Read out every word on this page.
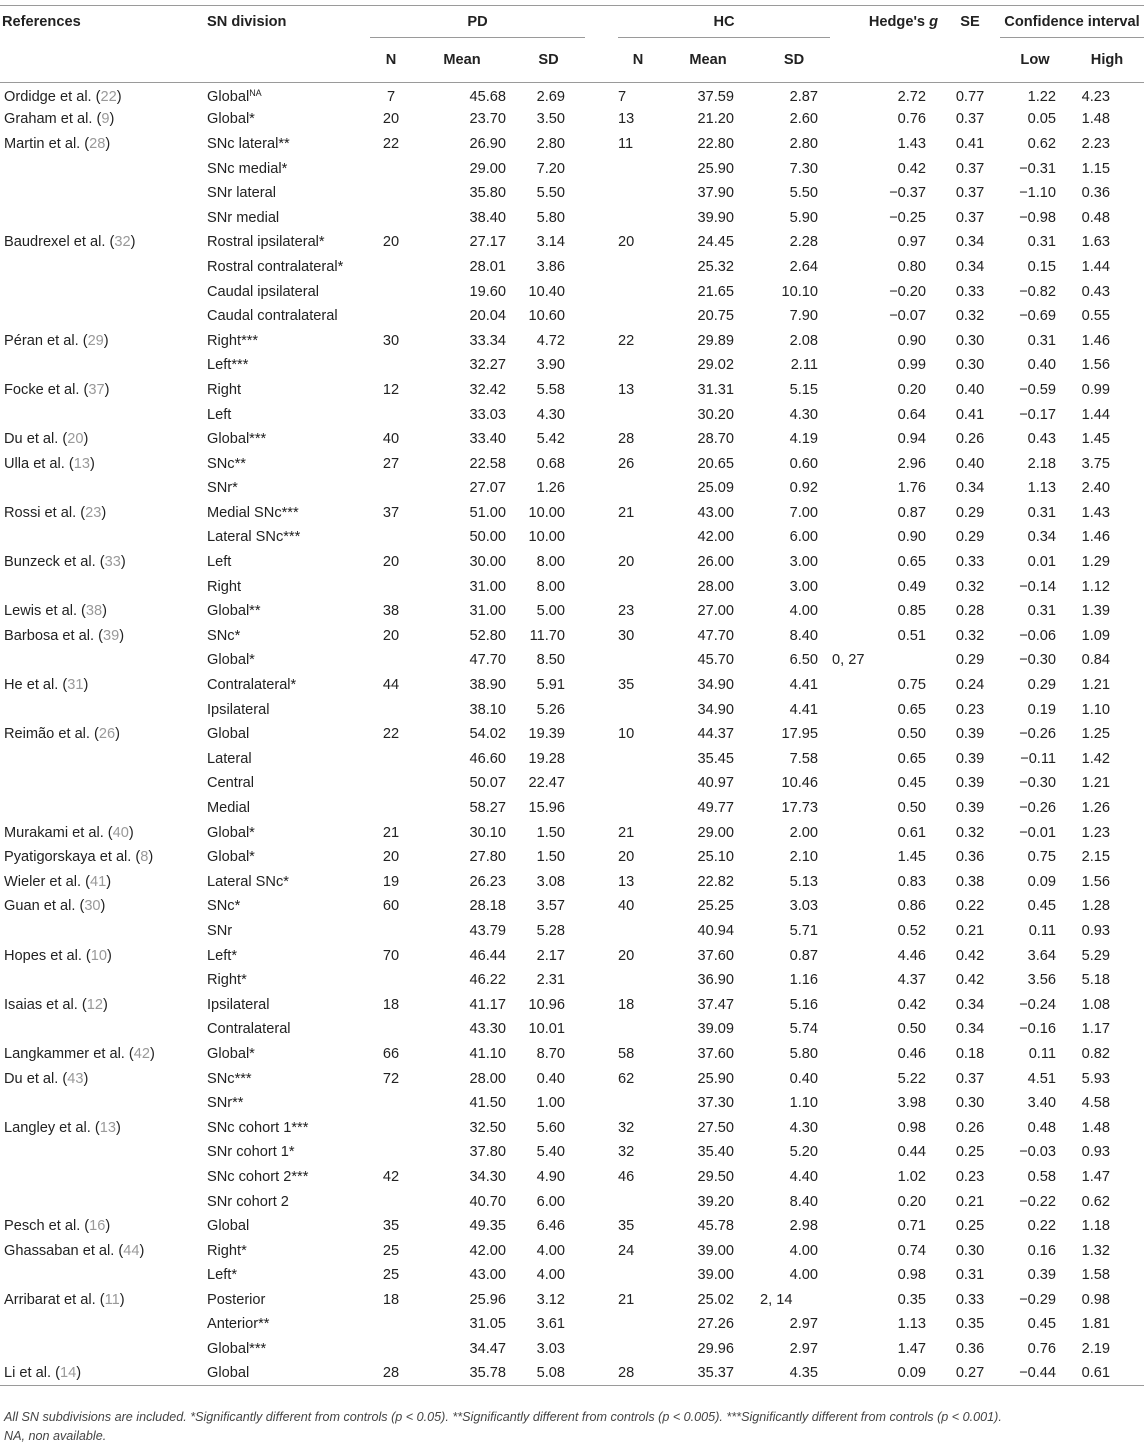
References	SN division	PD				HC			Hedge's g	SE	Confidence interval	
		N	Mean	SD		N	Mean	SD			Low	High
Ordidge et al. (22)	Global$^{NA}$	7	45.68	2.69		7	37.59	2.87	2.72	0.77	1.22	4.23
Graham et al. (9)	Global*	20	23.70	3.50		13	21.20	2.60	0.76	0.37	0.05	1.48
Martin et al. (28)	SNc lateral**	22	26.90	2.80		11	22.80	2.80	1.43	0.41	0.62	2.23
	SNc medial*		29.00	7.20			25.90	7.30	0.42	0.37	−0.31	1.15
	SNr lateral		35.80	5.50			37.90	5.50	−0.37	0.37	−1.10	0.36
	SNr medial		38.40	5.80			39.90	5.90	−0.25	0.37	−0.98	0.48
Baudrexel et al. (32)	Rostral ipsilateral*	20	27.17	3.14		20	24.45	2.28	0.97	0.34	0.31	1.63
	Rostral contralateral*		28.01	3.86			25.32	2.64	0.80	0.34	0.15	1.44
	Caudal ipsilateral		19.60	10.40			21.65	10.10	−0.20	0.33	−0.82	0.43
	Caudal contralateral		20.04	10.60			20.75	7.90	−0.07	0.32	−0.69	0.55
Péran et al. (29)	Right***	30	33.34	4.72		22	29.89	2.08	0.90	0.30	0.31	1.46
	Left***		32.27	3.90			29.02	2.11	0.99	0.30	0.40	1.56
Focke et al. (37)	Right	12	32.42	5.58		13	31.31	5.15	0.20	0.40	−0.59	0.99
	Left		33.03	4.30			30.20	4.30	0.64	0.41	−0.17	1.44
Du et al. (20)	Global***	40	33.40	5.42		28	28.70	4.19	0.94	0.26	0.43	1.45
Ulla et al. (13)	SNc**	27	22.58	0.68		26	20.65	0.60	2.96	0.40	2.18	3.75
	SNr*		27.07	1.26			25.09	0.92	1.76	0.34	1.13	2.40
Rossi et al. (23)	Medial SNc***	37	51.00	10.00		21	43.00	7.00	0.87	0.29	0.31	1.43
	Lateral SNc***		50.00	10.00			42.00	6.00	0.90	0.29	0.34	1.46
Bunzeck et al. (33)	Left	20	30.00	8.00		20	26.00	3.00	0.65	0.33	0.01	1.29
	Right		31.00	8.00			28.00	3.00	0.49	0.32	−0.14	1.12
Lewis et al. (38)	Global**	38	31.00	5.00		23	27.00	4.00	0.85	0.28	0.31	1.39
Barbosa et al. (39)	SNc*	20	52.80	11.70		30	47.70	8.40	0.51	0.32	−0.06	1.09
	Global*		47.70	8.50			45.70	6.50	0, 27	0.29	−0.30	0.84
He et al. (31)	Contralateral*	44	38.90	5.91		35	34.90	4.41	0.75	0.24	0.29	1.21
	Ipsilateral		38.10	5.26			34.90	4.41	0.65	0.23	0.19	1.10
Reimão et al. (26)	Global	22	54.02	19.39		10	44.37	17.95	0.50	0.39	−0.26	1.25
	Lateral		46.60	19.28			35.45	7.58	0.65	0.39	−0.11	1.42
	Central		50.07	22.47			40.97	10.46	0.45	0.39	−0.30	1.21
	Medial		58.27	15.96			49.77	17.73	0.50	0.39	−0.26	1.26
Murakami et al. (40)	Global*	21	30.10	1.50		21	29.00	2.00	0.61	0.32	−0.01	1.23
Pyatigorskaya et al. (8)	Global*	20	27.80	1.50		20	25.10	2.10	1.45	0.36	0.75	2.15
Wieler et al. (41)	Lateral SNc*	19	26.23	3.08		13	22.82	5.13	0.83	0.38	0.09	1.56
Guan et al. (30)	SNc*	60	28.18	3.57		40	25.25	3.03	0.86	0.22	0.45	1.28
	SNr		43.79	5.28			40.94	5.71	0.52	0.21	0.11	0.93
Hopes et al. (10)	Left*	70	46.44	2.17		20	37.60	0.87	4.46	0.42	3.64	5.29
	Right*		46.22	2.31			36.90	1.16	4.37	0.42	3.56	5.18
Isaias et al. (12)	Ipsilateral	18	41.17	10.96		18	37.47	5.16	0.42	0.34	−0.24	1.08
	Contralateral		43.30	10.01			39.09	5.74	0.50	0.34	−0.16	1.17
Langkammer et al. (42)	Global*	66	41.10	8.70		58	37.60	5.80	0.46	0.18	0.11	0.82
Du et al. (43)	SNc***	72	28.00	0.40		62	25.90	0.40	5.22	0.37	4.51	5.93
	SNr**		41.50	1.00			37.30	1.10	3.98	0.30	3.40	4.58
Langley et al. (13)	SNc cohort 1***		32.50	5.60		32	27.50	4.30	0.98	0.26	0.48	1.48
	SNr cohort 1*		37.80	5.40		32	35.40	5.20	0.44	0.25	−0.03	0.93
	SNc cohort 2***	42	34.30	4.90		46	29.50	4.40	1.02	0.23	0.58	1.47
	SNr cohort 2		40.70	6.00			39.20	8.40	0.20	0.21	−0.22	0.62
Pesch et al. (16)	Global	35	49.35	6.46		35	45.78	2.98	0.71	0.25	0.22	1.18
Ghassaban et al. (44)	Right*	25	42.00	4.00		24	39.00	4.00	0.74	0.30	0.16	1.32
	Left*	25	43.00	4.00			39.00	4.00	0.98	0.31	0.39	1.58
Arribarat et al. (11)	Posterior	18	25.96	3.12		21	25.02	2, 14	0.35	0.33	−0.29	0.98
	Anterior**		31.05	3.61			27.26	2.97	1.13	0.35	0.45	1.81
	Global***		34.47	3.03			29.96	2.97	1.47	0.36	0.76	2.19
Li et al. (14)	Global	28	35.78	5.08		28	35.37	4.35	0.09	0.27	−0.44	0.61
All SN subdivisions are included. *Significantly different from controls (p < 0.05). **Significantly different from controls (p < 0.005). ***Significantly different from controls (p < 0.001).
NA, non available.
